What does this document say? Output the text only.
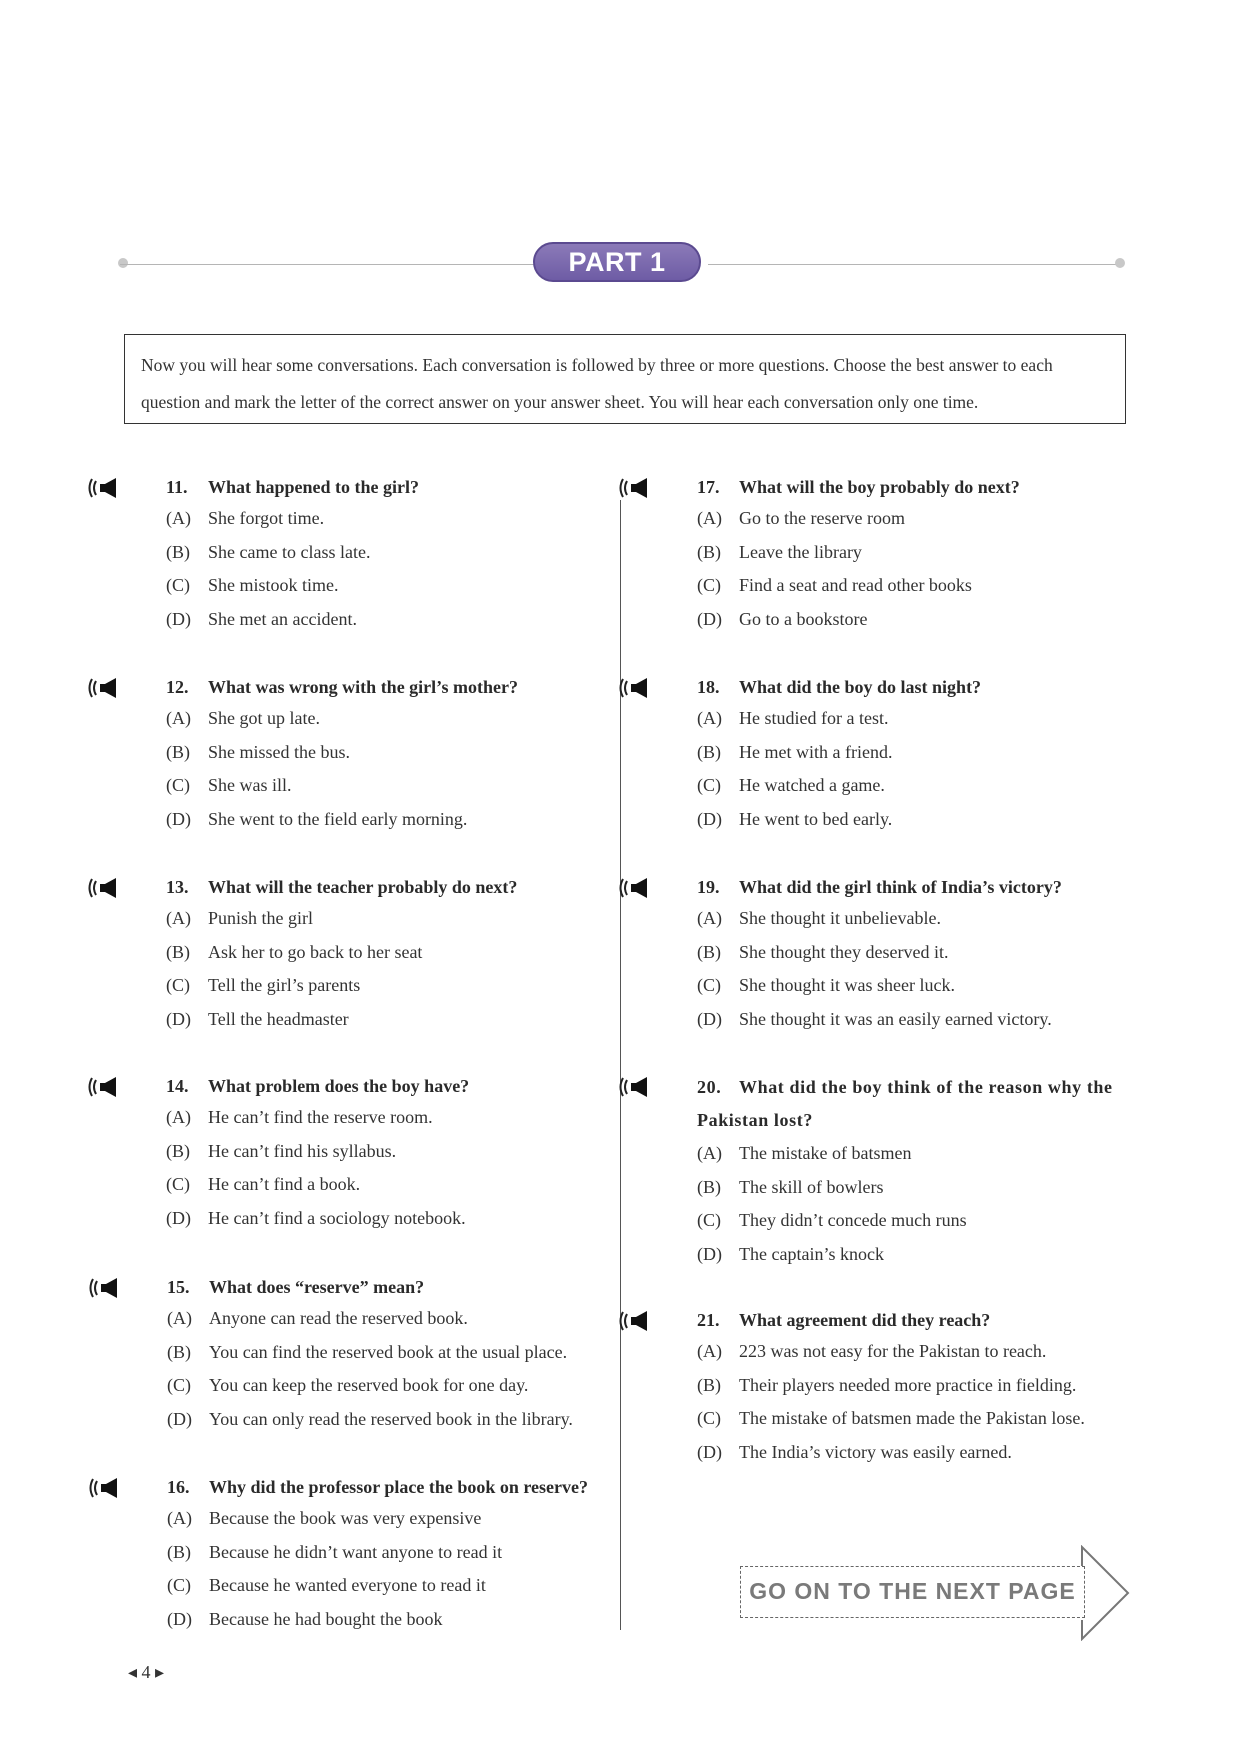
PART 1
Now you will hear some conversations. Each conversation is followed by three or more questions. Choose the best answer to each question and mark the letter of the correct answer on your answer sheet. You will hear each conversation only one time.
11. What happened to the girl?
(A) She forgot time.
(B) She came to class late.
(C) She mistook time.
(D) She met an accident.
12. What was wrong with the girl’s mother?
(A) She got up late.
(B) She missed the bus.
(C) She was ill.
(D) She went to the field early morning.
13. What will the teacher probably do next?
(A) Punish the girl
(B) Ask her to go back to her seat
(C) Tell the girl’s parents
(D) Tell the headmaster
14. What problem does the boy have?
(A) He can’t find the reserve room.
(B) He can’t find his syllabus.
(C) He can’t find a book.
(D) He can’t find a sociology notebook.
15. What does “reserve” mean?
(A) Anyone can read the reserved book.
(B) You can find the reserved book at the usual place.
(C) You can keep the reserved book for one day.
(D) You can only read the reserved book in the library.
16. Why did the professor place the book on reserve?
(A) Because the book was very expensive
(B) Because he didn’t want anyone to read it
(C) Because he wanted everyone to read it
(D) Because he had bought the book
17. What will the boy probably do next?
(A) Go to the reserve room
(B) Leave the library
(C) Find a seat and read other books
(D) Go to a bookstore
18. What did the boy do last night?
(A) He studied for a test.
(B) He met with a friend.
(C) He watched a game.
(D) He went to bed early.
19. What did the girl think of India’s victory?
(A) She thought it unbelievable.
(B) She thought they deserved it.
(C) She thought it was sheer luck.
(D) She thought it was an easily earned victory.
20. What did the boy think of the reason why the Pakistan lost?
(A) The mistake of batsmen
(B) The skill of bowlers
(C) They didn’t concede much runs
(D) The captain’s knock
21. What agreement did they reach?
(A) 223 was not easy for the Pakistan to reach.
(B) Their players needed more practice in fielding.
(C) The mistake of batsmen made the Pakistan lose.
(D) The India’s victory was easily earned.
GO ON TO THE NEXT PAGE
◂ 4 ▸
